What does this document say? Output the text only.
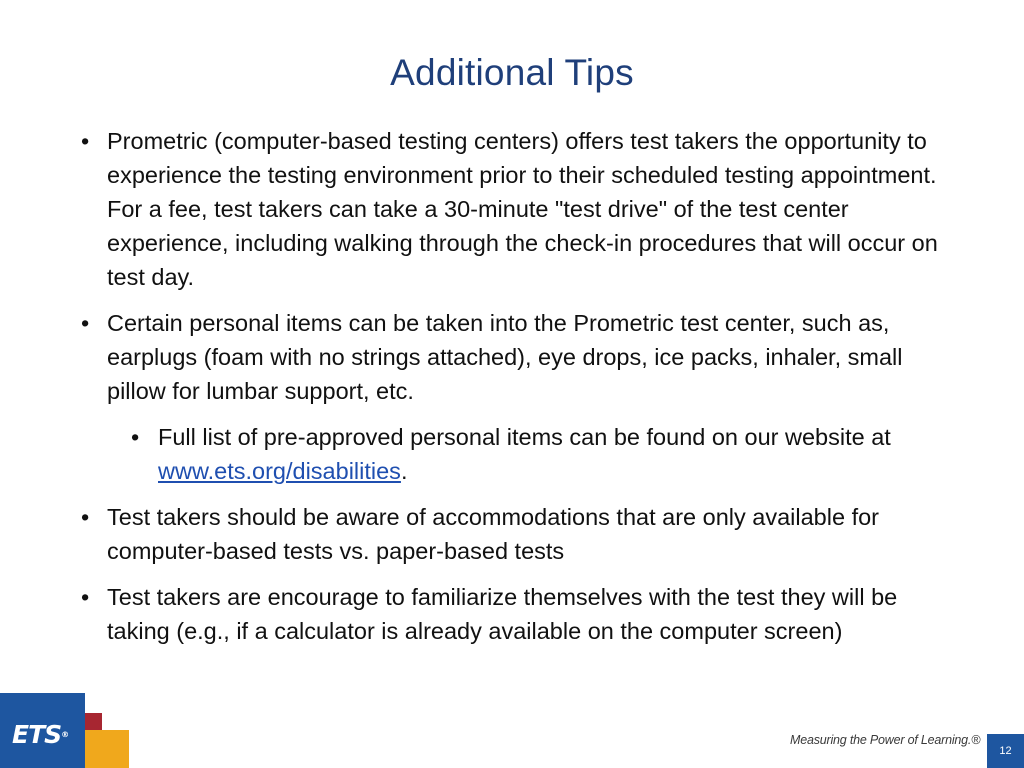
Additional Tips
• Prometric (computer-based testing centers) offers test takers the opportunity to experience the testing environment prior to their scheduled testing appointment. For a fee, test takers can take a 30-minute "test drive" of the test center experience, including walking through the check-in procedures that will occur on test day.
• Certain personal items can be taken into the Prometric test center, such as, earplugs (foam with no strings attached), eye drops, ice packs, inhaler, small pillow for lumbar support, etc.
• Full list of pre-approved personal items can be found on our website at www.ets.org/disabilities.
• Test takers should be aware of accommodations that are only available for computer-based tests vs. paper-based tests
• Test takers are encourage to familiarize themselves with the test they will be taking (e.g., if a calculator is already available on the computer screen)
ETS®	Measuring the Power of Learning.®
12
